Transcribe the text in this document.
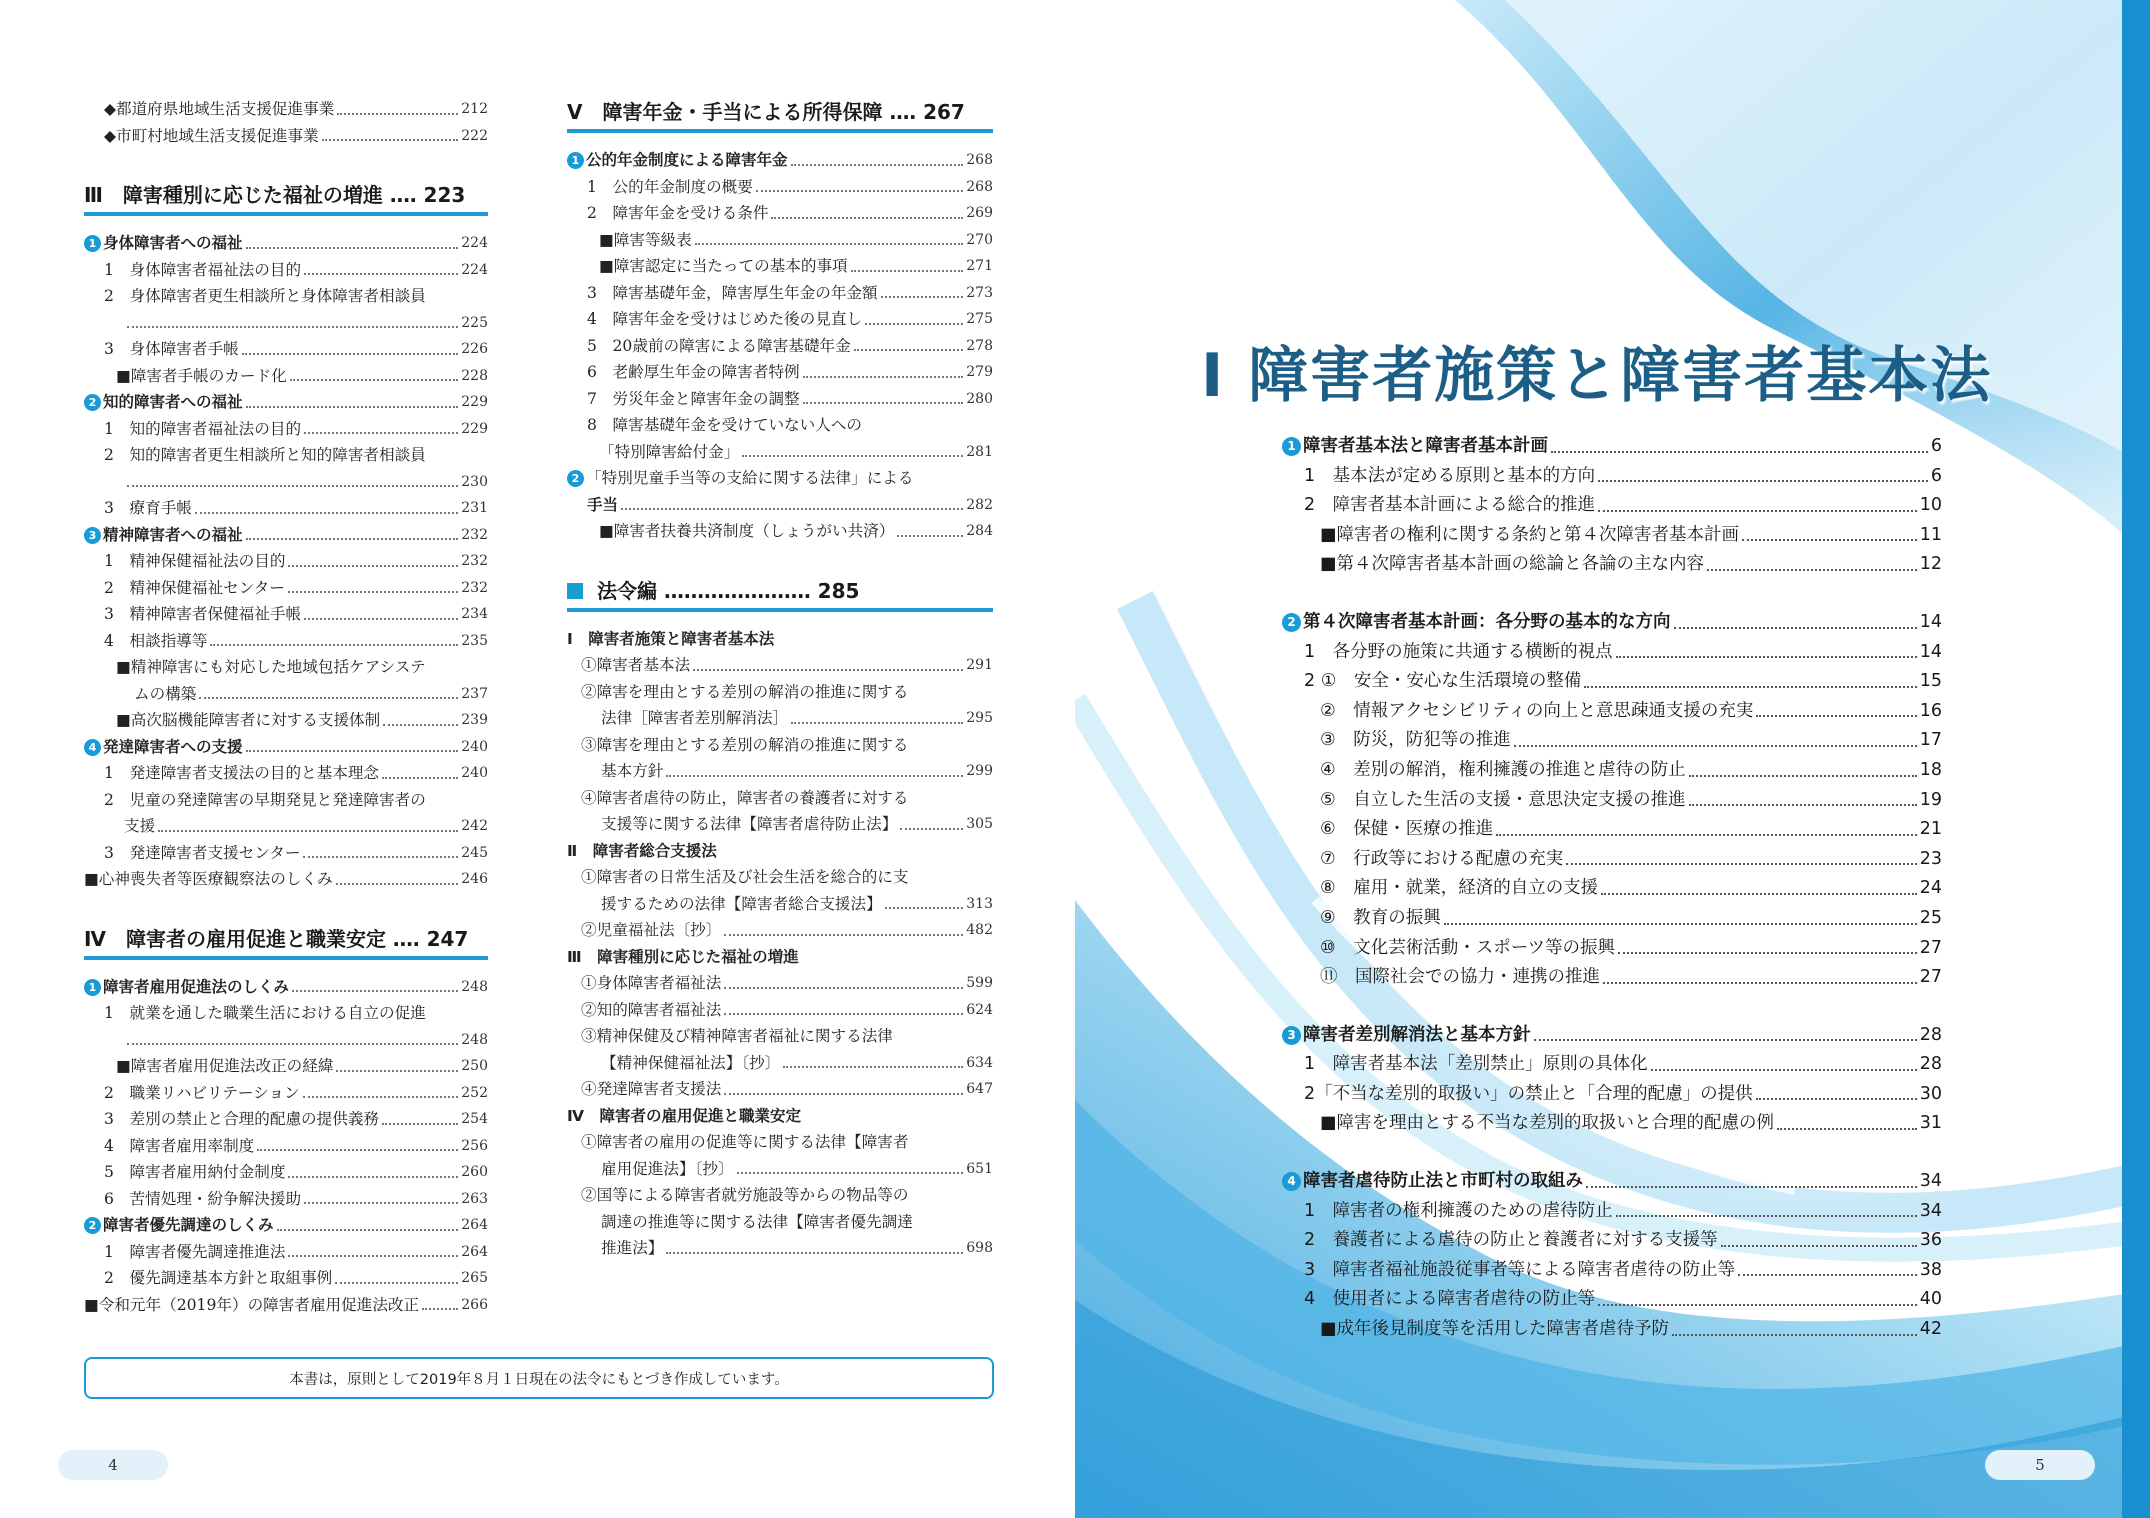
◆都道府県地域生活支援促進事業	212
◆市町村地域生活支援促進事業	222
Ⅲ　障害種別に応じた福祉の増進 ‥‥ 223
1 身体障害者への福祉	224
1　身体障害者福祉法の目的	224
2　身体障害者更生相談所と身体障害者相談員
225
3　身体障害者手帳	226
■障害者手帳のカード化	228
2 知的障害者への福祉	229
1　知的障害者福祉法の目的	229
2　知的障害者更生相談所と知的障害者相談員
230
3　療育手帳	231
3 精神障害者への福祉	232
1　精神保健福祉法の目的	232
2　精神保健福祉センター	232
3　精神障害者保健福祉手帳	234
4　相談指導等	235
■精神障害にも対応した地域包括ケアシステ
ムの構築	237
■高次脳機能障害者に対する支援体制	239
4 発達障害者への支援	240
1　発達障害者支援法の目的と基本理念	240
2　児童の発達障害の早期発見と発達障害者の
支援	242
3　発達障害者支援センター	245
■心神喪失者等医療観察法のしくみ	246
Ⅳ　障害者の雇用促進と職業安定 ‥‥ 247
1 障害者雇用促進法のしくみ	248
1　就業を通した職業生活における自立の促進
248
■障害者雇用促進法改正の経緯	250
2　職業リハビリテーション	252
3　差別の禁止と合理的配慮の提供義務	254
4　障害者雇用率制度	256
5　障害者雇用納付金制度	260
6　苦情処理・紛争解決援助	263
2 障害者優先調達のしくみ	264
1　障害者優先調達推進法	264
2　優先調達基本方針と取組事例	265
■令和元年（2019年）の障害者雇用促進法改正	266
Ⅴ　障害年金・手当による所得保障 ‥‥ 267
1 公的年金制度による障害年金	268
1　公的年金制度の概要	268
2　障害年金を受ける条件	269
■障害等級表	270
■障害認定に当たっての基本的事項	271
3　障害基礎年金，障害厚生年金の年金額	273
4　障害年金を受けはじめた後の見直し	275
5　20歳前の障害による障害基礎年金	278
6　老齢厚生年金の障害者特例	279
7　労災年金と障害年金の調整	280
8　障害基礎年金を受けていない人への
「特別障害給付金」	281
2 「特別児童手当等の支給に関する法律」による
手当	282
■障害者扶養共済制度（しょうがい共済）	284
法令編 ‥‥‥‥‥‥‥‥‥‥‥ 285
Ⅰ　障害者施策と障害者基本法
①障害者基本法	291
②障害を理由とする差別の解消の推進に関する
法律［障害者差別解消法］	295
③障害を理由とする差別の解消の推進に関する
基本方針	299
④障害者虐待の防止，障害者の養護者に対する
支援等に関する法律【障害者虐待防止法】	305
Ⅱ　障害者総合支援法
①障害者の日常生活及び社会生活を総合的に支
援するための法律【障害者総合支援法】	313
②児童福祉法〔抄〕	482
Ⅲ　障害種別に応じた福祉の増進
①身体障害者福祉法	599
②知的障害者福祉法	624
③精神保健及び精神障害者福祉に関する法律
【精神保健福祉法】〔抄〕	634
④発達障害者支援法	647
Ⅳ　障害者の雇用促進と職業安定
①障害者の雇用の促進等に関する法律【障害者
雇用促進法】〔抄〕	651
②国等による障害者就労施設等からの物品等の
調達の推進等に関する法律【障害者優先調達
推進法】	698
本書は，原則として2019年８月１日現在の法令にもとづき作成しています。
4	5
Ⅰ 障害者施策と障害者基本法
1 障害者基本法と障害者基本計画	6
1　基本法が定める原則と基本的方向	6
2　障害者基本計画による総合的推進	10
■障害者の権利に関する条約と第４次障害者基本計画	11
■第４次障害者基本計画の総論と各論の主な内容	12
2 第４次障害者基本計画：各分野の基本的な方向	14
1　各分野の施策に共通する横断的視点	14
2 ①　安全・安心な生活環境の整備	15
②　情報アクセシビリティの向上と意思疎通支援の充実	16
③　防災，防犯等の推進	17
④　差別の解消，権利擁護の推進と虐待の防止	18
⑤　自立した生活の支援・意思決定支援の推進	19
⑥　保健・医療の推進	21
⑦　行政等における配慮の充実	23
⑧　雇用・就業，経済的自立の支援	24
⑨　教育の振興	25
⑩　文化芸術活動・スポーツ等の振興	27
⑪　国際社会での協力・連携の推進	27
3 障害者差別解消法と基本方針	28
1　障害者基本法「差別禁止」原則の具体化	28
2「不当な差別的取扱い」の禁止と「合理的配慮」の提供	30
■障害を理由とする不当な差別的取扱いと合理的配慮の例	31
4 障害者虐待防止法と市町村の取組み	34
1　障害者の権利擁護のための虐待防止	34
2　養護者による虐待の防止と養護者に対する支援等	36
3　障害者福祉施設従事者等による障害者虐待の防止等	38
4　使用者による障害者虐待の防止等	40
■成年後見制度等を活用した障害者虐待予防	42
